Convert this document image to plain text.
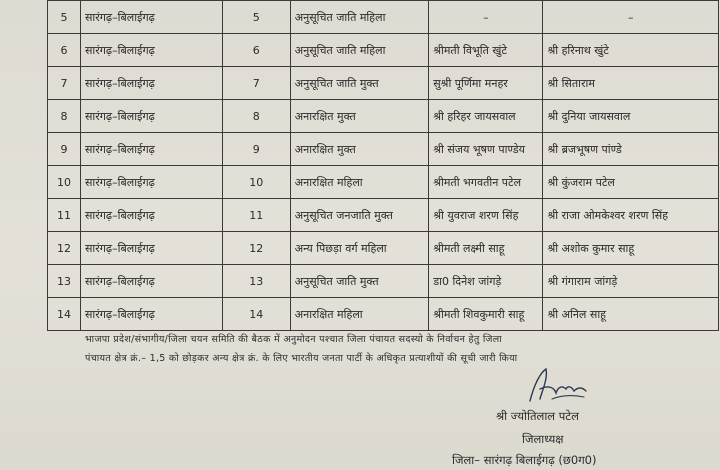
5	सारंगढ़–बिलाईगढ़	5	अनुसूचित जाति महिला	–	–
6	सारंगढ़–बिलाईगढ़	6	अनुसूचित जाति महिला	श्रीमती विभूति खुंटे	श्री हरिनाथ खुंटे
7	सारंगढ़–बिलाईगढ़	7	अनुसूचित जाति मुक्त	सुश्री पूर्णिमा मनहर	श्री सिताराम
8	सारंगढ़–बिलाईगढ़	8	अनारक्षित मुक्त	श्री हरिहर जायसवाल	श्री दुनिया जायसवाल
9	सारंगढ़–बिलाईगढ़	9	अनारक्षित मुक्त	श्री संजय भूषण पाण्डेय	श्री ब्रजभूषण पांण्डे
10	सारंगढ़–बिलाईगढ़	10	अनारक्षित महिला	श्रीमती भगवतीन पटेल	श्री कुंजराम पटेल
11	सारंगढ़–बिलाईगढ़	11	अनुसूचित जनजाति मुक्त	श्री युवराज शरण सिंह	श्री राजा ओमकेश्वर शरण सिंह
12	सारंगढ़–बिलाईगढ़	12	अन्य पिछड़ा वर्ग महिला	श्रीमती लक्ष्मी साहू	श्री अशोक कुमार साहू
13	सारंगढ़–बिलाईगढ़	13	अनुसूचित जाति मुक्त	डा0 दिनेश जांगड़े	श्री गंगाराम जांगड़े
14	सारंगढ़–बिलाईगढ़	14	अनारक्षित महिला	श्रीमती शिवकुमारी साहू	श्री अनिल साहू
भाजपा प्रदेश/संभागीय/जिला चयन समिति की बैठक में अनुमोदन पश्चात जिला पंचायत सदस्यो के निर्वाचन हेतु जिला
पंचायत क्षेत्र क्रं.– 1,5 को छोड़कर अन्य क्षेत्र क्रं. के लिए भारतीय जनता पार्टी के अधिकृत प्रत्याशीयों की सूची जारी किया
श्री ज्योतिलाल पटेल
जिलाध्यक्ष
जिला– सारंगढ़ बिलाईगढ़ (छ0ग0)
